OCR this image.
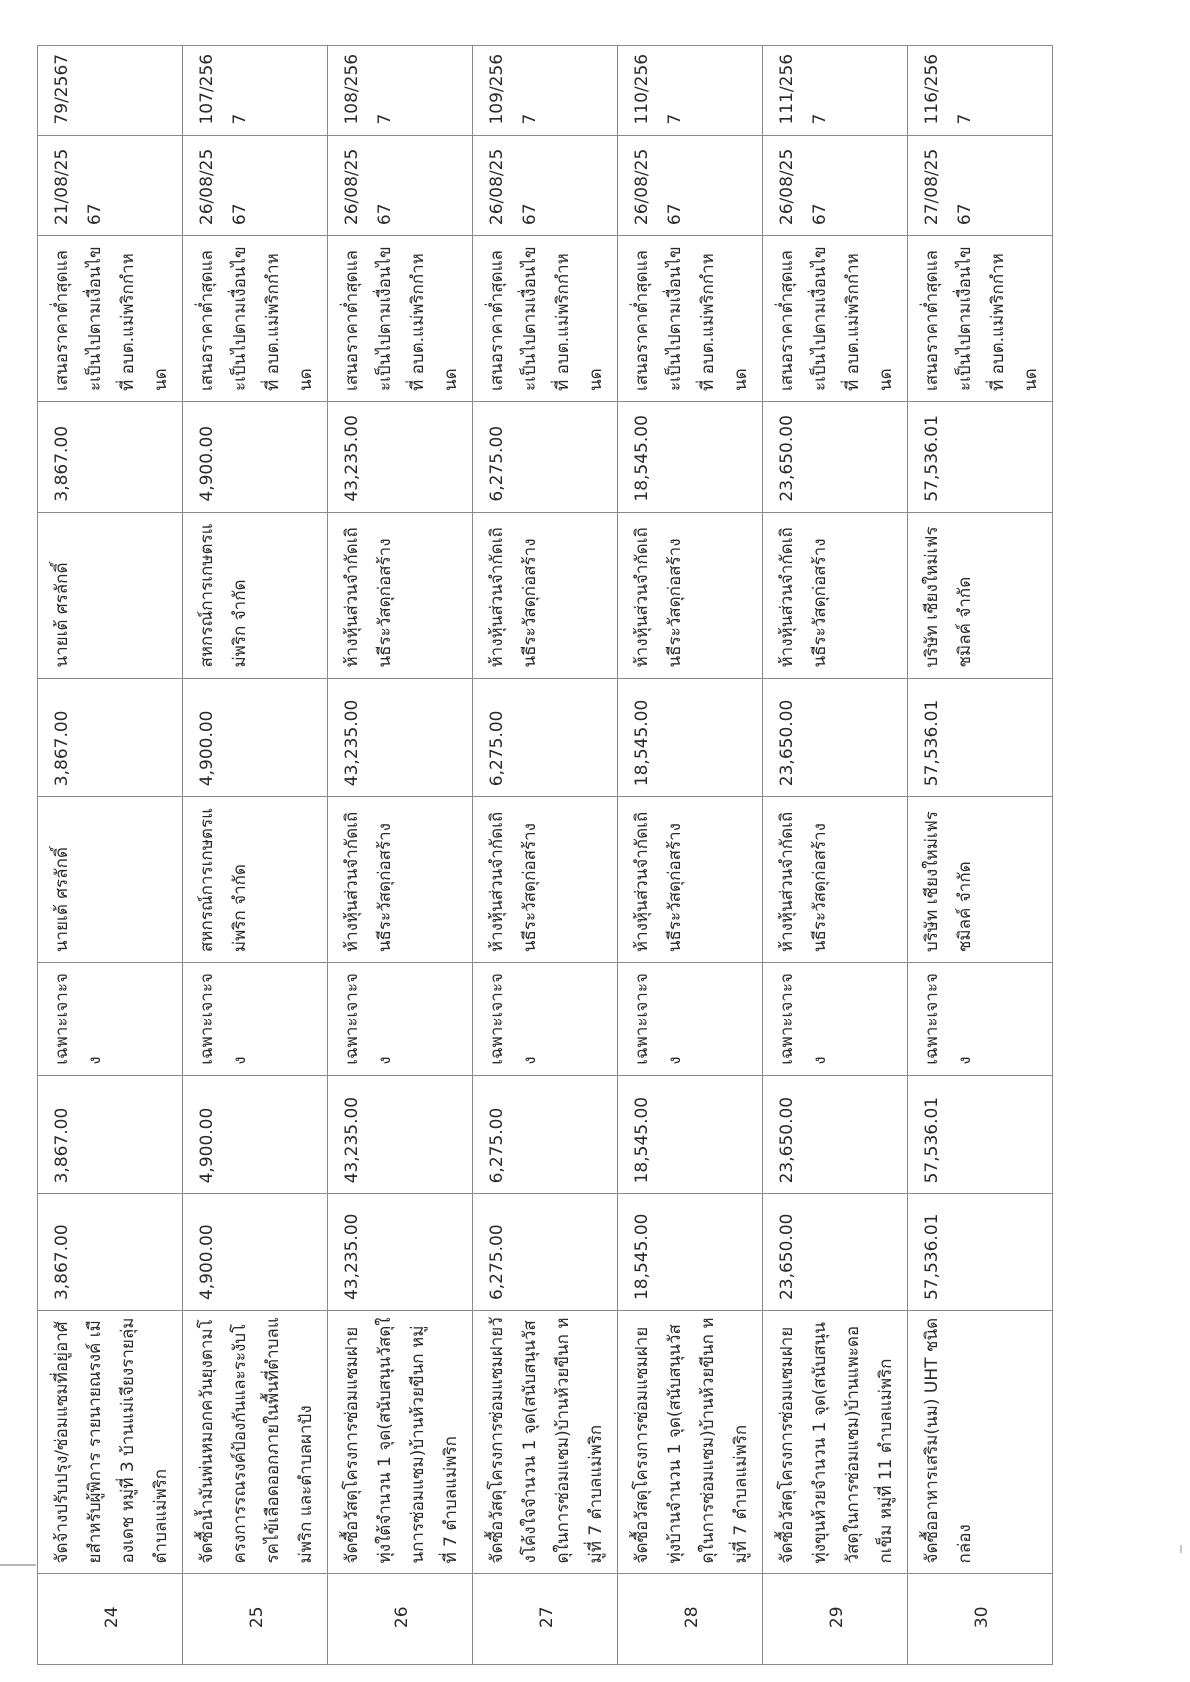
24	จัดจ้างปรับปรุง/ซ่อมแซมที่อยู่อาศัยสำหรับผู้พิการ รายนายณรงค์ เมืองเดช หมู่ที่ 3 บ้านแม่เจียงรายลุ่ม ตำบลแม่พริก	3,867.00	3,867.00	เฉพาะเจาะจง	นายเต้ ศรลักดิ์	3,867.00	นายเต้ ศรลักดิ์	3,867.00	เสนอราคาต่ำสุดและเป็นไปตามเงื่อนไขที่ อบต.แม่พริกกำหนด	21/08/2567	79/2567
25	จัดซื้อน้ำมันพ่นหมอกควันยุงตามโครงการรณรงค์ป้องกันและระงับโรคไข้เลือดออกภายในพื้นที่ตำบลแม่พริก และตำบลผาปัง	4,900.00	4,900.00	เฉพาะเจาะจง	สหกรณ์การเกษตรแม่พริก จำกัด	4,900.00	สหกรณ์การเกษตรแม่พริก จำกัด	4,900.00	เสนอราคาต่ำสุดและเป็นไปตามเงื่อนไขที่ อบต.แม่พริกกำหนด	26/08/2567	107/2567
26	จัดซื้อวัสดุโครงการซ่อมแซมฝายทุ่งใต้จำนวน 1 จุด(สนับสนุนวัสดุในการซ่อมแซม)บ้านห้วยขีนก หมู่ที่ 7 ตำบลแม่พริก	43,235.00	43,235.00	เฉพาะเจาะจง	ห้างหุ้นส่วนจำกัดเถินธีระวัสดุก่อสร้าง	43,235.00	ห้างหุ้นส่วนจำกัดเถินธีระวัสดุก่อสร้าง	43,235.00	เสนอราคาต่ำสุดและเป็นไปตามเงื่อนไขที่ อบต.แม่พริกกำหนด	26/08/2567	108/2567
27	จัดซื้อวัสดุโครงการซ่อมแซมฝายวังโค้งใจจำนวน 1 จุด(สนับสนุนวัสดุในการซ่อมแซม)บ้านห้วยขีนก หมู่ที่ 7 ตำบลแม่พริก	6,275.00	6,275.00	เฉพาะเจาะจง	ห้างหุ้นส่วนจำกัดเถินธีระวัสดุก่อสร้าง	6,275.00	ห้างหุ้นส่วนจำกัดเถินธีระวัสดุก่อสร้าง	6,275.00	เสนอราคาต่ำสุดและเป็นไปตามเงื่อนไขที่ อบต.แม่พริกกำหนด	26/08/2567	109/2567
28	จัดซื้อวัสดุโครงการซ่อมแซมฝายทุ่งบ้านจำนวน 1 จุด(สนับสนุนวัสดุในการซ่อมแซม)บ้านห้วยขีนก หมู่ที่ 7 ตำบลแม่พริก	18,545.00	18,545.00	เฉพาะเจาะจง	ห้างหุ้นส่วนจำกัดเถินธีระวัสดุก่อสร้าง	18,545.00	ห้างหุ้นส่วนจำกัดเถินธีระวัสดุก่อสร้าง	18,545.00	เสนอราคาต่ำสุดและเป็นไปตามเงื่อนไขที่ อบต.แม่พริกกำหนด	26/08/2567	110/2567
29	จัดซื้อวัสดุโครงการซ่อมแซมฝายทุ่งขุนห้วยจำนวน 1 จุด(สนับสนุนวัสดุในการซ่อมแซม)บ้านแพะดอกเข็ม หมู่ที่ 11 ตำบลแม่พริก	23,650.00	23,650.00	เฉพาะเจาะจง	ห้างหุ้นส่วนจำกัดเถินธีระวัสดุก่อสร้าง	23,650.00	ห้างหุ้นส่วนจำกัดเถินธีระวัสดุก่อสร้าง	23,650.00	เสนอราคาต่ำสุดและเป็นไปตามเงื่อนไขที่ อบต.แม่พริกกำหนด	26/08/2567	111/2567
30	จัดซื้ออาหารเสริม(นม) UHT ชนิดกล่อง	57,536.01	57,536.01	เฉพาะเจาะจง	บริษัท เชียงใหม่เฟรชมิลค์ จำกัด	57,536.01	บริษัท เชียงใหม่เฟรชมิลค์ จำกัด	57,536.01	เสนอราคาต่ำสุดและเป็นไปตามเงื่อนไขที่ อบต.แม่พริกกำหนด	27/08/2567	116/2567
